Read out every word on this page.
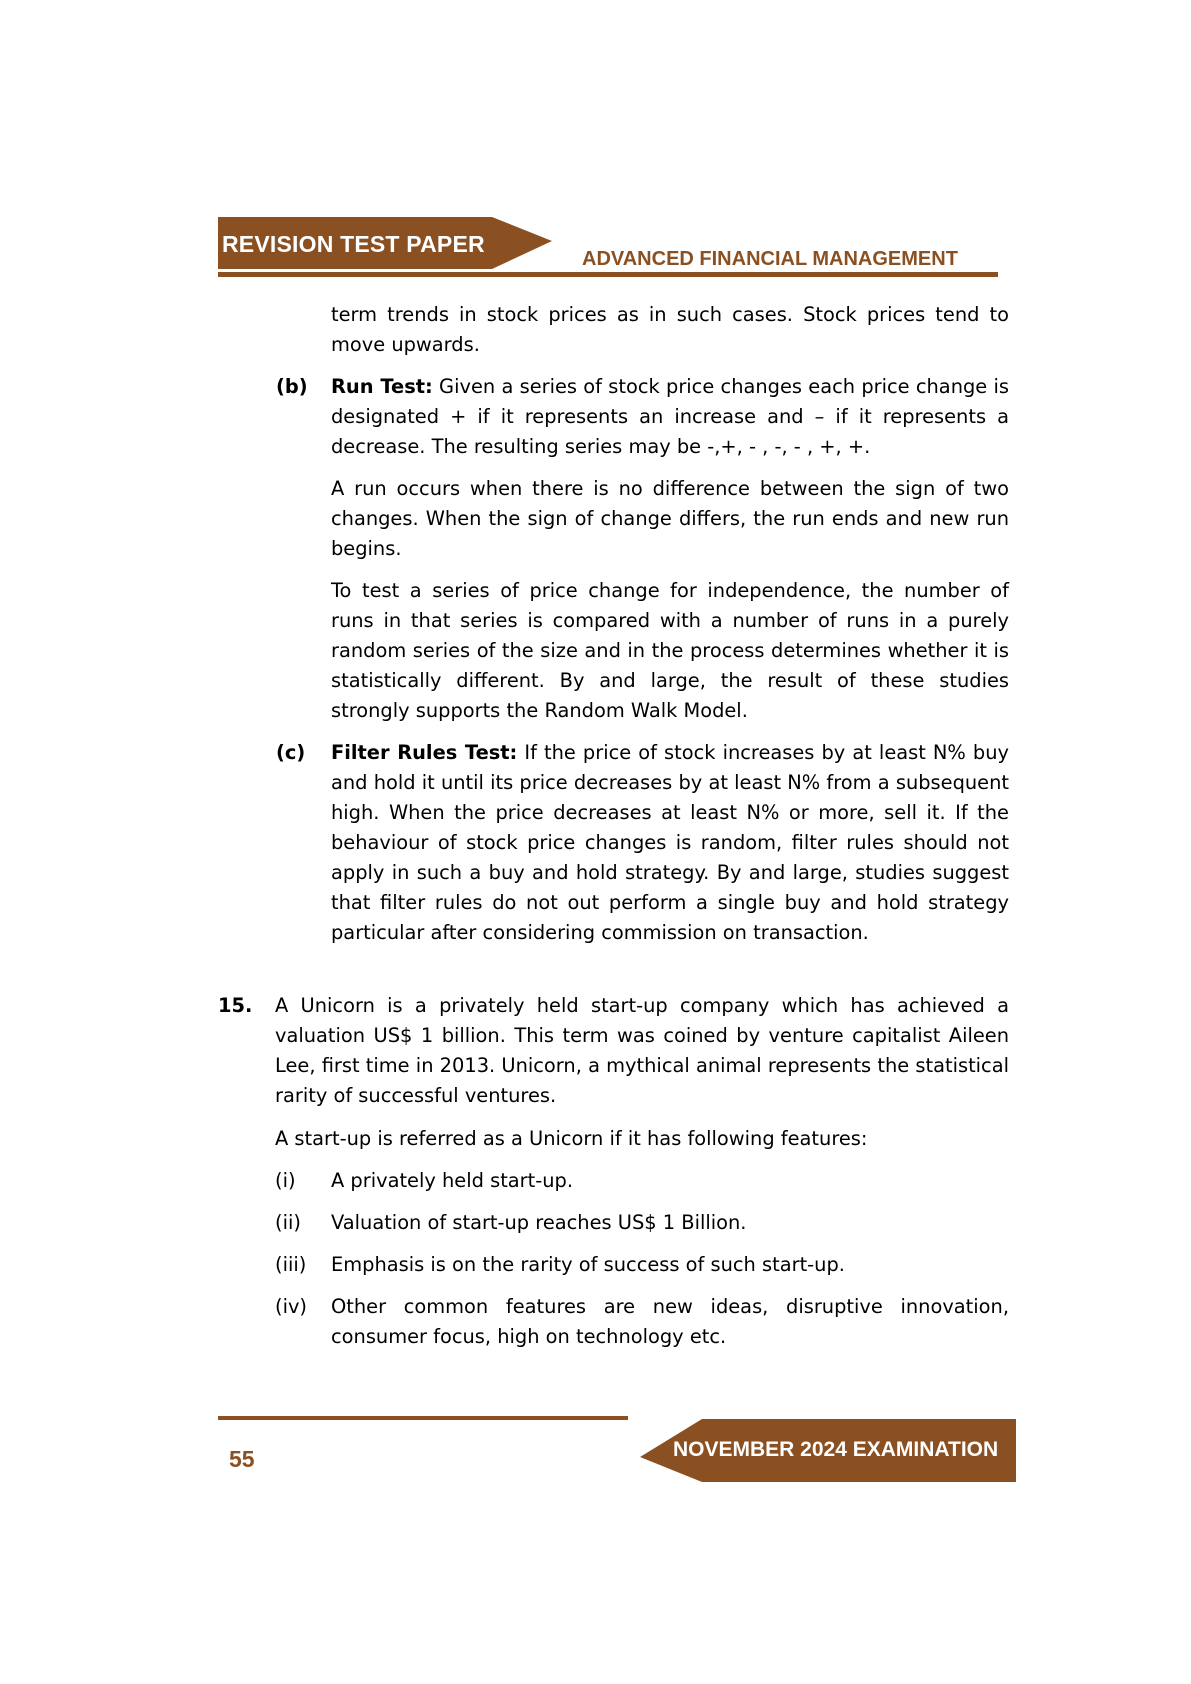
REVISION TEST PAPER
ADVANCED FINANCIAL MANAGEMENT

term trends in stock prices as in such cases. Stock prices tend to move upwards.

(b) Run Test: Given a series of stock price changes each price change is designated + if it represents an increase and – if it represents a decrease. The resulting series may be -,+, - , -, - , +, +.

A run occurs when there is no difference between the sign of two changes. When the sign of change differs, the run ends and new run begins.

To test a series of price change for independence, the number of runs in that series is compared with a number of runs in a purely random series of the size and in the process determines whether it is statistically different. By and large, the result of these studies strongly supports the Random Walk Model.

(c) Filter Rules Test: If the price of stock increases by at least N% buy and hold it until its price decreases by at least N% from a subsequent high. When the price decreases at least N% or more, sell it. If the behaviour of stock price changes is random, filter rules should not apply in such a buy and hold strategy. By and large, studies suggest that filter rules do not out perform a single buy and hold strategy particular after considering commission on transaction.

15. A Unicorn is a privately held start-up company which has achieved a valuation US$ 1 billion. This term was coined by venture capitalist Aileen Lee, first time in 2013. Unicorn, a mythical animal represents the statistical rarity of successful ventures.

A start-up is referred as a Unicorn if it has following features:

(i) A privately held start-up.

(ii) Valuation of start-up reaches US$ 1 Billion.

(iii) Emphasis is on the rarity of success of such start-up.

(iv) Other common features are new ideas, disruptive innovation, consumer focus, high on technology etc.

55	NOVEMBER 2024 EXAMINATION
